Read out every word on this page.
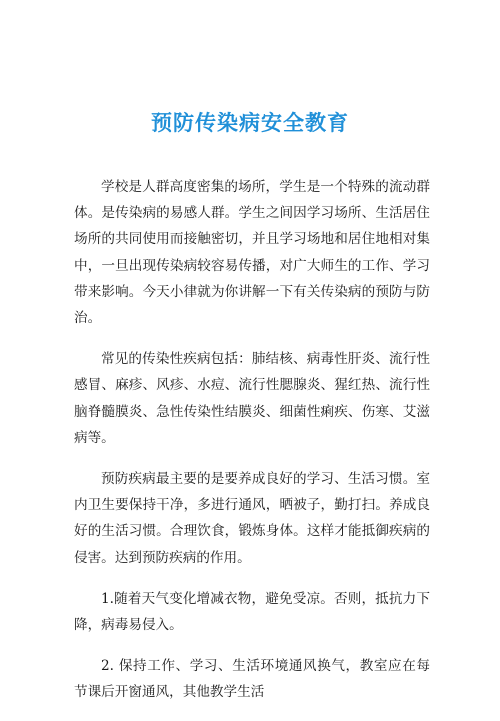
预防传染病安全教育

学校是人群高度密集的场所，学生是一个特殊的流动群体。是传染病的易感人群。学生之间因学习场所、生活居住场所的共同使用而接触密切，并且学习场地和居住地相对集中，一旦出现传染病较容易传播，对广大师生的工作、学习带来影响。今天小律就为你讲解一下有关传染病的预防与防治。

常见的传染性疾病包括：肺结核、病毒性肝炎、流行性感冒、麻疹、风疹、水痘、流行性腮腺炎、猩红热、流行性脑脊髓膜炎、急性传染性结膜炎、细菌性痢疾、伤寒、艾滋病等。

预防疾病最主要的是要养成良好的学习、生活习惯。室内卫生要保持干净，多进行通风，晒被子，勤打扫。养成良好的生活习惯。合理饮食，锻炼身体。这样才能抵御疾病的侵害。达到预防疾病的作用。

1.随着天气变化增减衣物，避免受凉。否则，抵抗力下降，病毒易侵入。

2. 保持工作、学习、生活环境通风换气，教室应在每节课后开窗通风，其他教学生活
